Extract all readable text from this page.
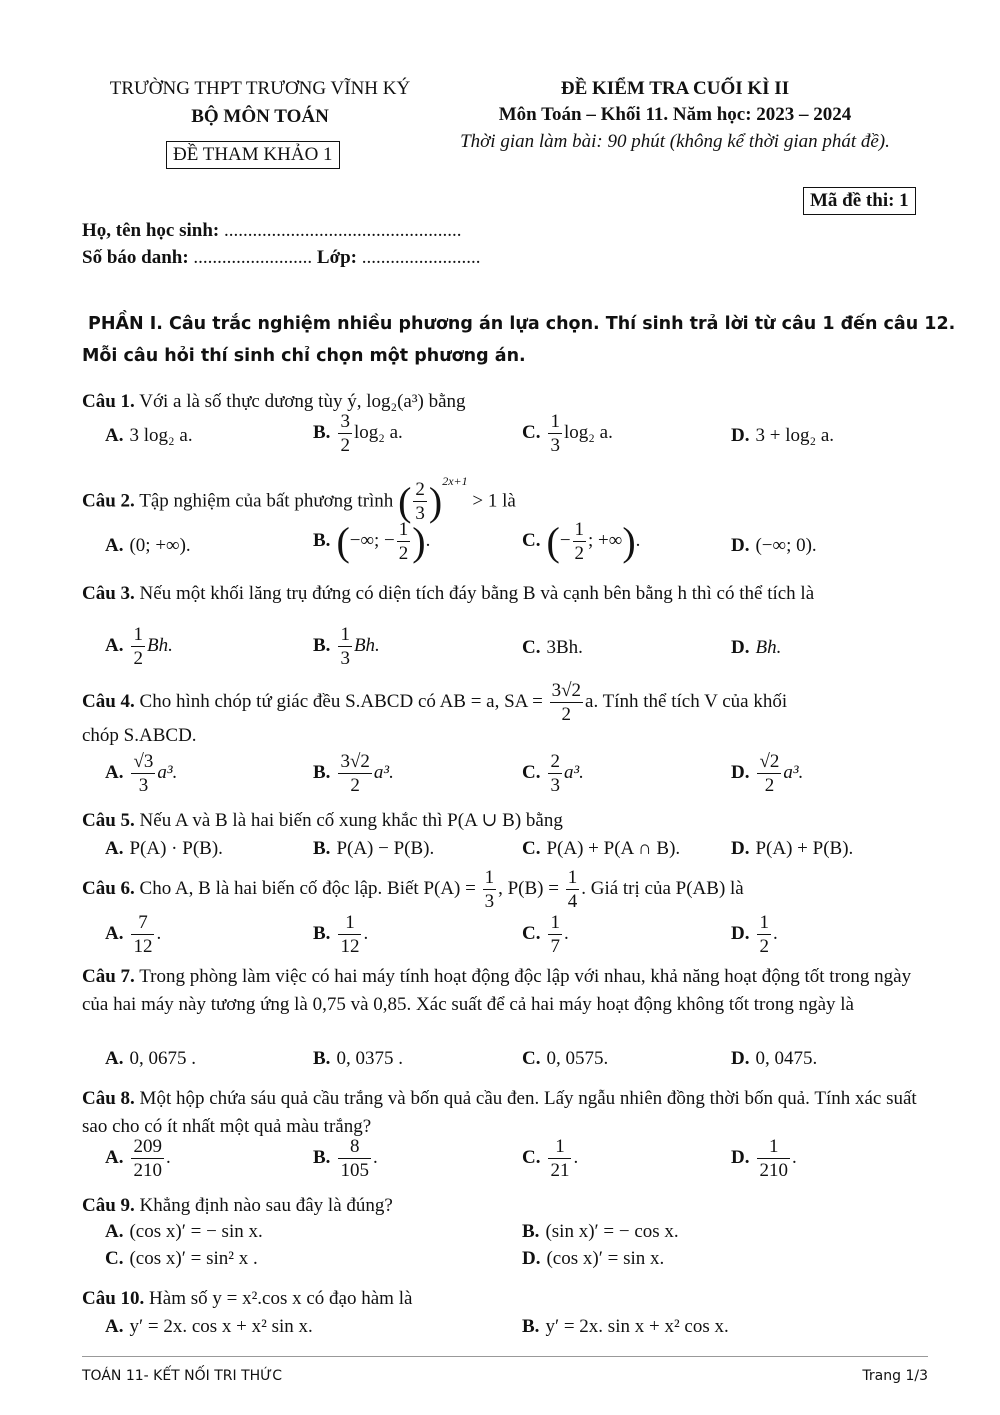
TRƯỜNG THPT TRƯƠNG VĨNH KÝ
BỘ MÔN TOÁN
ĐỀ THAM KHẢO 1
ĐỀ KIỂM TRA CUỐI KÌ II
Môn Toán – Khối 11. Năm học: 2023 – 2024
Thời gian làm bài: 90 phút (không kể thời gian phát đề).
Mã đề thi: 1
Họ, tên học sinh: ..................................................
Số báo danh: ......................... Lớp: .........................
PHẦN I. Câu trắc nghiệm nhiều phương án lựa chọn. Thí sinh trả lời từ câu 1 đến câu 12.
Mỗi câu hỏi thí sinh chỉ chọn một phương án.
Câu 1. Với a là số thực dương tùy ý, log₂(a³) bằng
A. 3 log₂ a.	B. $\frac{3}{2} \log_2$ a.	C. $\frac{1}{3} \log_2$ a.	D. 3 + log₂ a.
Câu 2. Tập nghiệm của bất phương trình ( $\frac{2}{3} )^{2x+1} > 1$ là
A. (0; +∞).	B. (−∞; − $\frac{1}{2}$ ).	C. (− $\frac{1}{2}$ ; +∞).	D. (−∞; 0).
Câu 3. Nếu một khối lăng trụ đứng có diện tích đáy bằng B và cạnh bên bằng h thì có thể tích là
A. $\frac{1}{2} Bh$.	B. $\frac{1}{3} Bh$.	C. 3Bh.	D. Bh.
Câu 4. Cho hình chóp tứ giác đều S.ABCD có AB = a, SA = $\frac{3√2}{2} a$. Tính thể tích V của khối
chóp S.ABCD.
A. $\frac{√3}{3} a^3$.	B. $\frac{3√2}{2} a^3$.	C. $\frac{2}{3} a^3$.	D. $\frac{√2}{2} a^3$.
Câu 5. Nếu A và B là hai biến cố xung khắc thì P(A ∪ B) bằng
A. P(A) · P(B).	B. P(A) − P(B).	C. P(A) + P(A ∩ B).	D. P(A) + P(B).
Câu 6. Cho A, B là hai biến cố độc lập. Biết $P(A) = \frac{1}{3}$ , $P(B) = \frac{1}{4}$ . Giá trị của P(AB) là
A. $\frac{7}{12}$ .	B. $\frac{1}{12}$ .	C. $\frac{1}{7}$ .	D. $\frac{1}{2}$ .
Câu 7. Trong phòng làm việc có hai máy tính hoạt động độc lập với nhau, khả năng hoạt động tốt trong ngày của hai máy này tương ứng là 0,75 và 0,85. Xác suất để cả hai máy hoạt động không tốt trong ngày là
A. 0, 0675 .	B. 0, 0375 .	C. 0, 0575.	D. 0, 0475.
Câu 8. Một hộp chứa sáu quả cầu trắng và bốn quả cầu đen. Lấy ngẫu nhiên đồng thời bốn quả. Tính xác suất sao cho có ít nhất một quả màu trắng?
A. $\frac{209}{210}$ .	B. $\frac{8}{105}$ .	C. $\frac{1}{21}$ .	D. $\frac{1}{210}$ .
Câu 9. Khẳng định nào sau đây là đúng?
A. (cos x)′ = − sin x.	B. (sin x)′ = − cos x.
C. (cos x)′ = sin² x .	D. (cos x)′ = sin x.
Câu 10. Hàm số y = x².cos x có đạo hàm là
A. y′ = 2x. cos x + x² sin x.	B. y′ = 2x. sin x + x² cos x.
TOÁN 11- KẾT NỐI TRI THỨC	Trang 1/3
